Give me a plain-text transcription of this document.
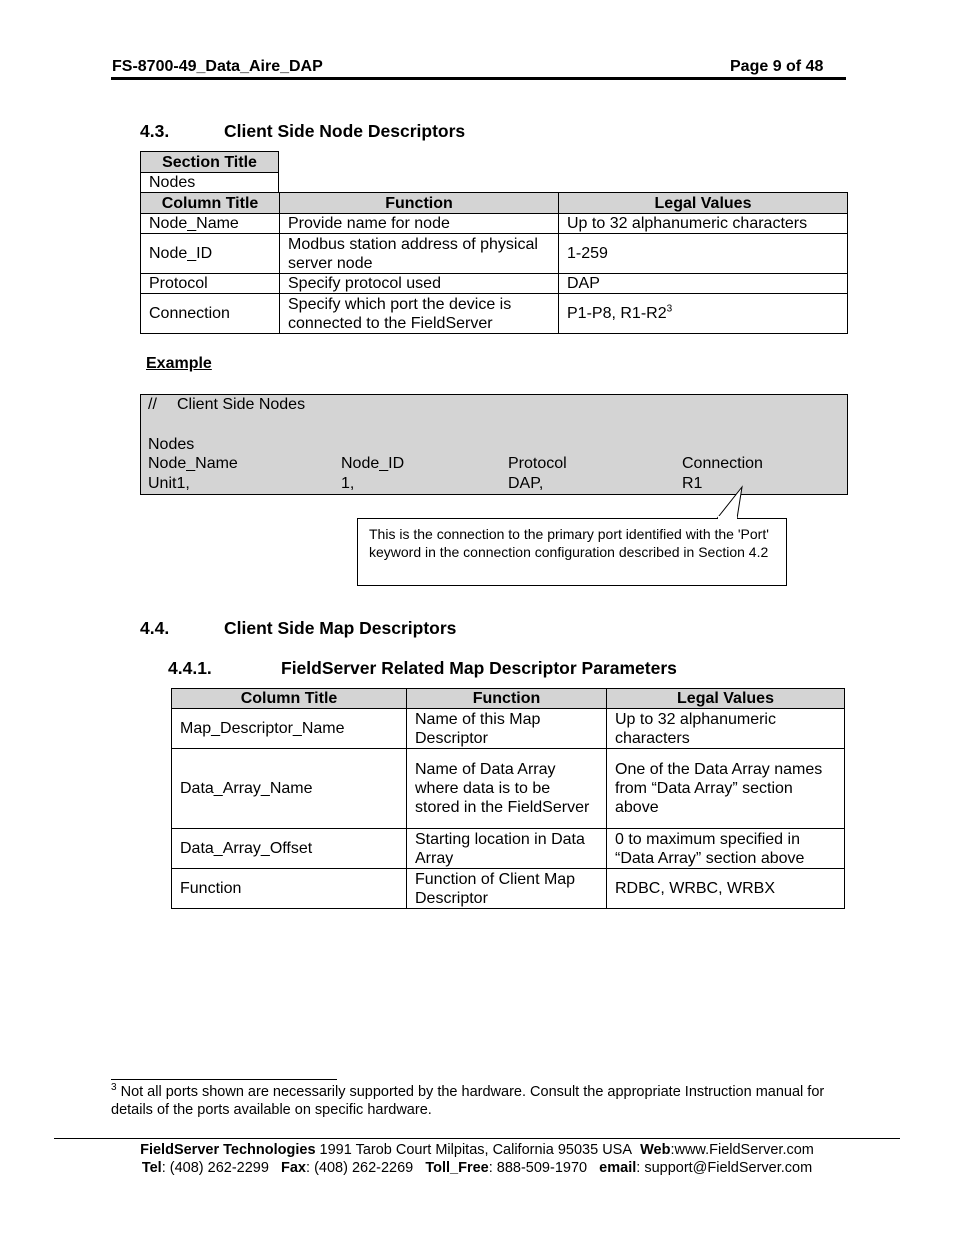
FS-8700-49_Data_Aire_DAP	Page 9 of 48
4.3.	Client Side Node Descriptors
Section Title
Nodes
Column Title	Function	Legal Values
Node_Name	Provide name for node	Up to 32 alphanumeric characters
Node_ID	Modbus station address of physical server node	1-259
Protocol	Specify protocol used	DAP
Connection	Specify which port the device is connected to the FieldServer	P1-P8, $R1-R2^3$
Example
// Client Side Nodes
Nodes
Node_Name	Node_ID	Protocol	Connection
Unit1,	1,	DAP,	R1
This is the connection to the primary port identified with the 'Port' keyword in the connection configuration described in Section 4.2
4.4.	Client Side Map Descriptors
4.4.1.	FieldServer Related Map Descriptor Parameters
Column Title	Function	Legal Values
Map_Descriptor_Name	Name of this Map Descriptor	Up to 32 alphanumeric characters
Data_Array_Name	Name of Data Array where data is to be stored in the FieldServer	One of the Data Array names from “Data Array” section above
Data_Array_Offset	Starting location in Data Array	0 to maximum specified in “Data Array” section above
Function	Function of Client Map Descriptor	RDBC, WRBC, WRBX
$^3$ Not all ports shown are necessarily supported by the hardware. Consult the appropriate Instruction manual for details of the ports available on specific hardware.
FieldServer Technologies 1991 Tarob Court Milpitas, California 95035 USA Web:www.FieldServer.com
Tel: (408) 262-2299 Fax: (408) 262-2269 Toll_Free: 888-509-1970 email: support@FieldServer.com
